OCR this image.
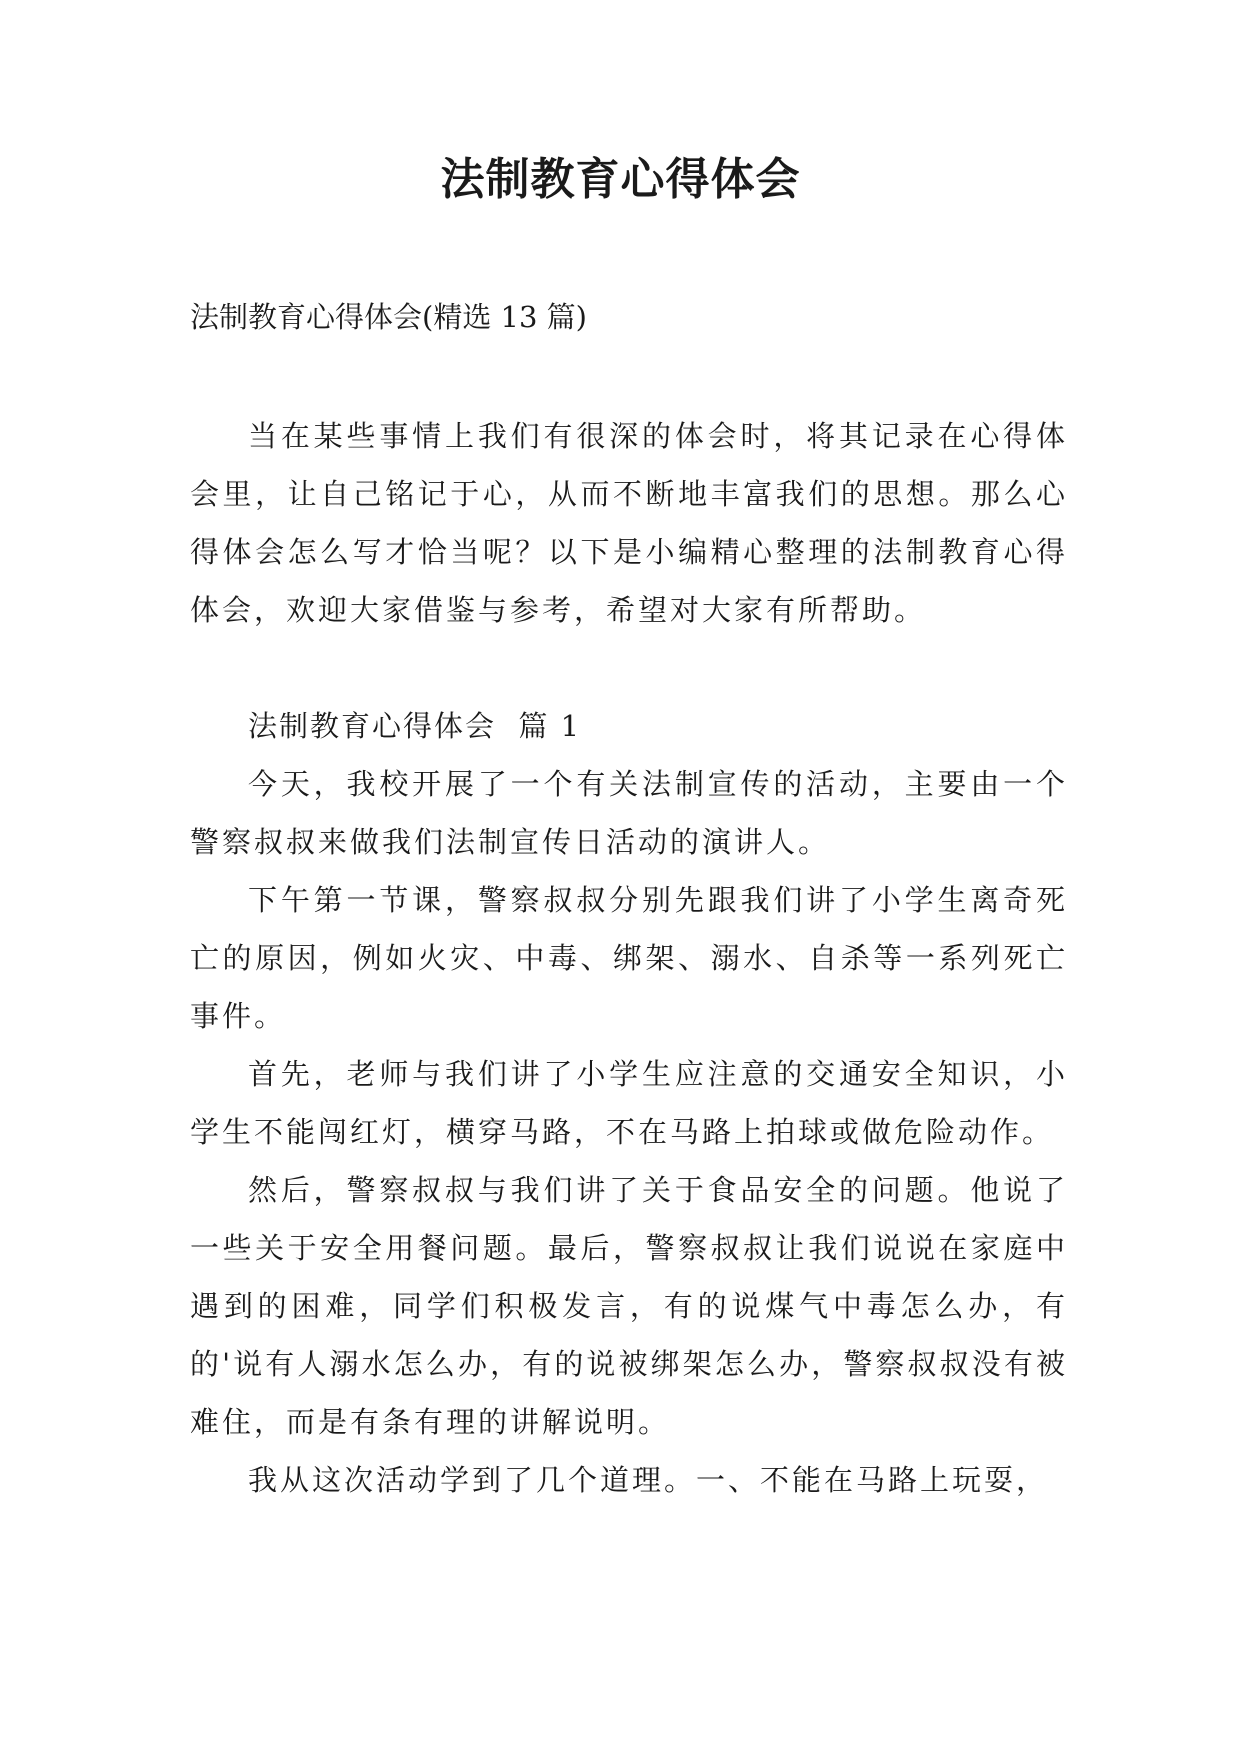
法制教育心得体会
法制教育心得体会(精选 13 篇)

当在某些事情上我们有很深的体会时，将其记录在心得体会里，让自己铭记于心，从而不断地丰富我们的思想。那么心得体会怎么写才恰当呢？以下是小编精心整理的法制教育心得体会，欢迎大家借鉴与参考，希望对大家有所帮助。

法制教育心得体会  篇 1

今天，我校开展了一个有关法制宣传的活动，主要由一个警察叔叔来做我们法制宣传日活动的演讲人。

下午第一节课，警察叔叔分别先跟我们讲了小学生离奇死亡的原因，例如火灾、中毒、绑架、溺水、自杀等一系列死亡事件。

首先，老师与我们讲了小学生应注意的交通安全知识，小学生不能闯红灯，横穿马路，不在马路上拍球或做危险动作。

然后，警察叔叔与我们讲了关于食品安全的问题。他说了一些关于安全用餐问题。最后，警察叔叔让我们说说在家庭中遇到的困难，同学们积极发言，有的说煤气中毒怎么办，有的'说有人溺水怎么办，有的说被绑架怎么办，警察叔叔没有被难住，而是有条有理的讲解说明。

我从这次活动学到了几个道理。一、不能在马路上玩耍，
